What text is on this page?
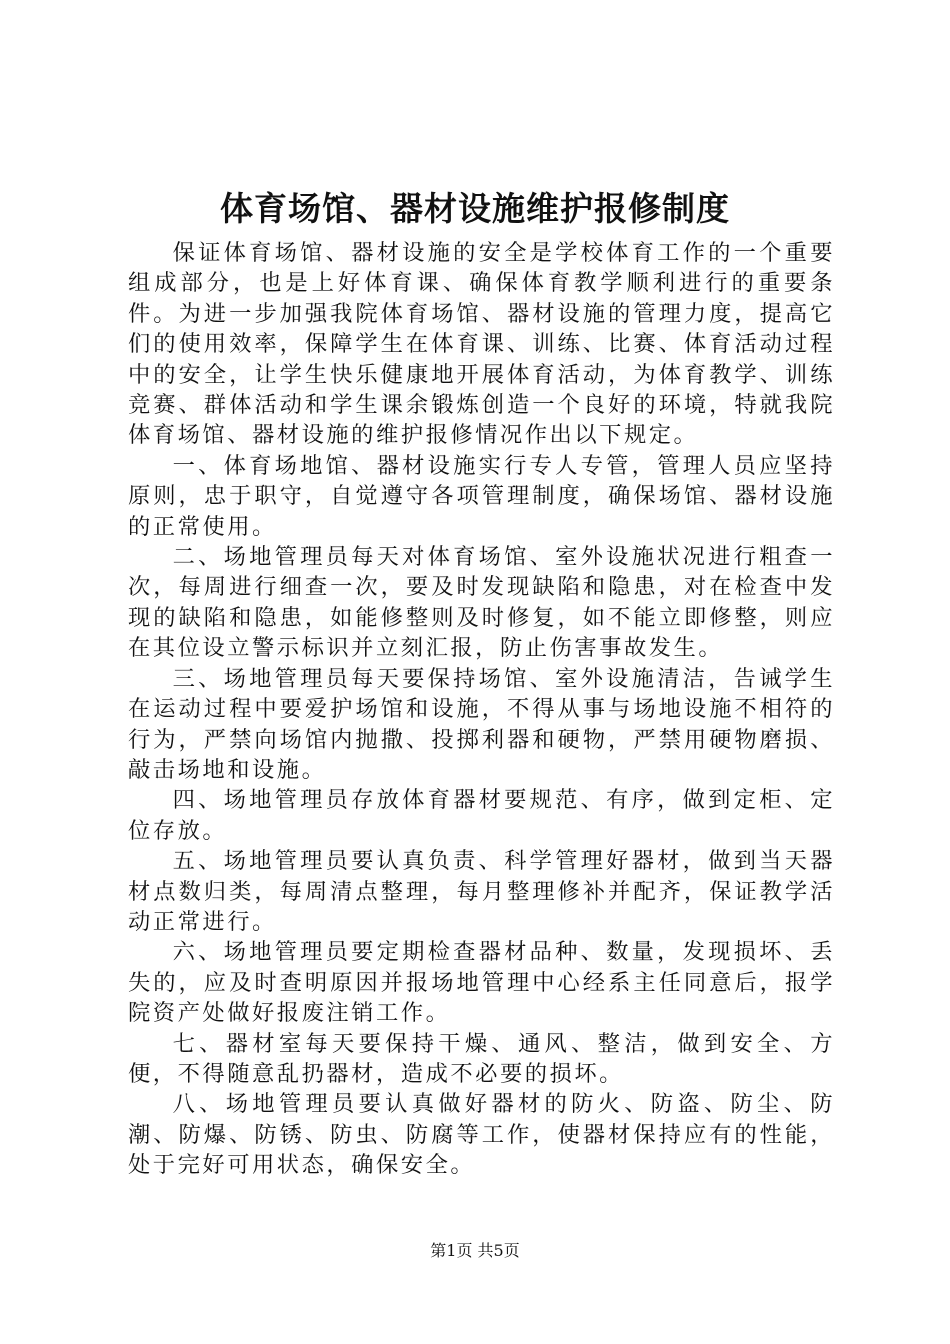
体育场馆、器材设施维护报修制度

保证体育场馆、器材设施的安全是学校体育工作的一个重要组成部分，也是上好体育课、确保体育教学顺利进行的重要条件。为进一步加强我院体育场馆、器材设施的管理力度，提高它们的使用效率，保障学生在体育课、训练、比赛、体育活动过程中的安全，让学生快乐健康地开展体育活动，为体育教学、训练竞赛、群体活动和学生课余锻炼创造一个良好的环境，特就我院体育场馆、器材设施的维护报修情况作出以下规定。

一、体育场地馆、器材设施实行专人专管，管理人员应坚持原则，忠于职守，自觉遵守各项管理制度，确保场馆、器材设施的正常使用。

二、场地管理员每天对体育场馆、室外设施状况进行粗查一次，每周进行细查一次，要及时发现缺陷和隐患，对在检查中发现的缺陷和隐患，如能修整则及时修复，如不能立即修整，则应在其位设立警示标识并立刻汇报，防止伤害事故发生。

三、场地管理员每天要保持场馆、室外设施清洁，告诫学生在运动过程中要爱护场馆和设施，不得从事与场地设施不相符的行为，严禁向场馆内抛撒、投掷利器和硬物，严禁用硬物磨损、敲击场地和设施。

四、场地管理员存放体育器材要规范、有序，做到定柜、定位存放。

五、场地管理员要认真负责、科学管理好器材，做到当天器材点数归类，每周清点整理，每月整理修补并配齐，保证教学活动正常进行。

六、场地管理员要定期检查器材品种、数量，发现损坏、丢失的，应及时查明原因并报场地管理中心经系主任同意后，报学院资产处做好报废注销工作。

七、器材室每天要保持干燥、通风、整洁，做到安全、方便，不得随意乱扔器材，造成不必要的损坏。

八、场地管理员要认真做好器材的防火、防盗、防尘、防潮、防爆、防锈、防虫、防腐等工作，使器材保持应有的性能，处于完好可用状态，确保安全。

第1页 共5页
